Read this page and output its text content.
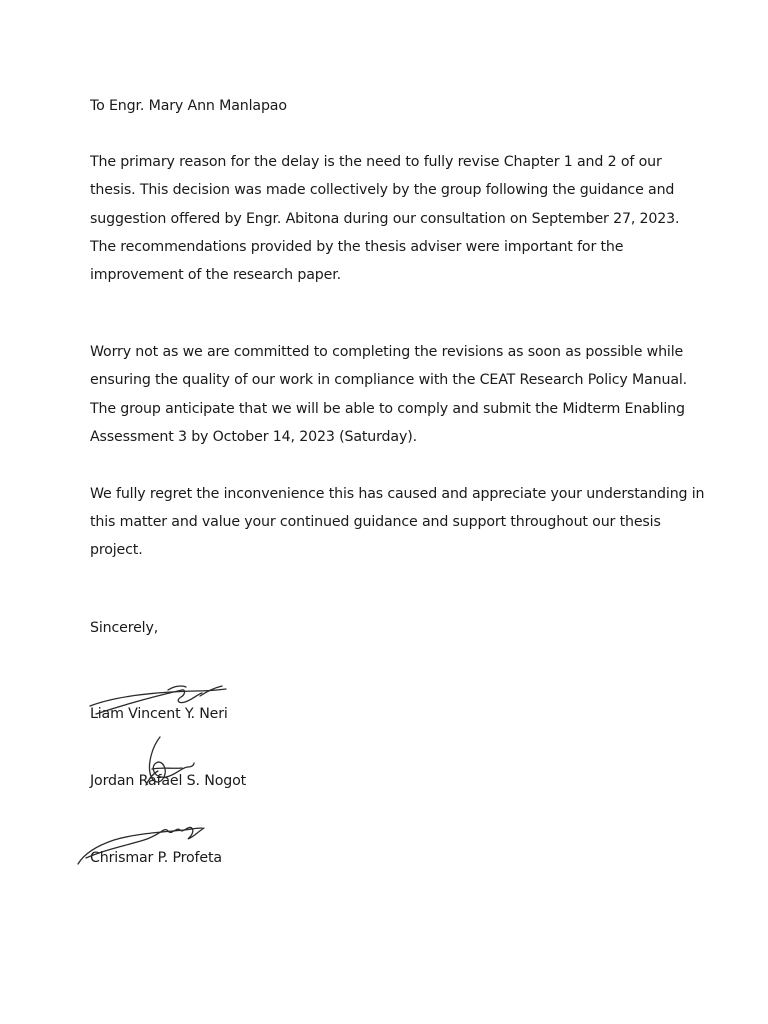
To Engr. Mary Ann Manlapao

The primary reason for the delay is the need to fully revise Chapter 1 and 2 of our
thesis. This decision was made collectively by the group following the guidance and
suggestion offered by Engr. Abitona during our consultation on September 27, 2023.
The recommendations provided by the thesis adviser were important for the
improvement of the research paper.

Worry not as we are committed to completing the revisions as soon as possible while
ensuring the quality of our work in compliance with the CEAT Research Policy Manual.
The group anticipate that we will be able to comply and submit the Midterm Enabling
Assessment 3 by October 14, 2023 (Saturday).

We fully regret the inconvenience this has caused and appreciate your understanding in
this matter and value your continued guidance and support throughout our thesis
project.

Sincerely,

Liam Vincent Y. Neri
Jordan Rafael S. Nogot
Chrismar P. Profeta
